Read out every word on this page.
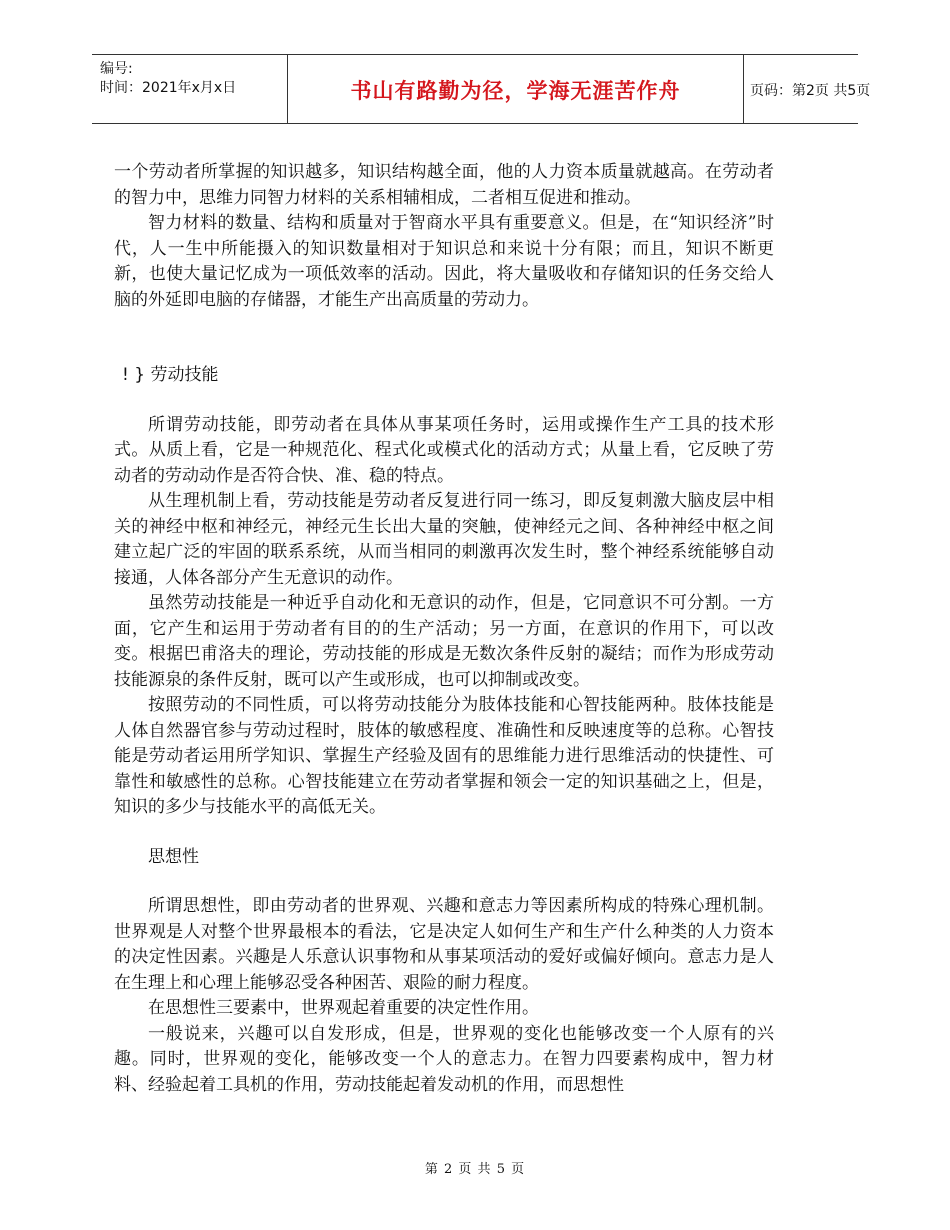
编号:
时间：2021年x月x日	书山有路勤为径，学海无涯苦作舟	页码：第2页 共5页

一个劳动者所掌握的知识越多，知识结构越全面，他的人力资本质量就越高。在劳动者的智力中，思维力同智力材料的关系相辅相成，二者相互促进和推动。

智力材料的数量、结构和质量对于智商水平具有重要意义。但是，在“知识经济”时代，人一生中所能摄入的知识数量相对于知识总和来说十分有限；而且，知识不断更新，也使大量记忆成为一项低效率的活动。因此，将大量吸收和存储知识的任务交给人脑的外延即电脑的存储器，才能生产出高质量的劳动力。

! } 劳动技能

所谓劳动技能，即劳动者在具体从事某项任务时，运用或操作生产工具的技术形式。从质上看，它是一种规范化、程式化或模式化的活动方式；从量上看，它反映了劳动者的劳动动作是否符合快、准、稳的特点。

从生理机制上看，劳动技能是劳动者反复进行同一练习，即反复刺激大脑皮层中相关的神经中枢和神经元，神经元生长出大量的突触，使神经元之间、各种神经中枢之间建立起广泛的牢固的联系系统，从而当相同的刺激再次发生时，整个神经系统能够自动接通，人体各部分产生无意识的动作。

虽然劳动技能是一种近乎自动化和无意识的动作，但是，它同意识不可分割。一方面，它产生和运用于劳动者有目的的生产活动；另一方面，在意识的作用下，可以改变。根据巴甫洛夫的理论，劳动技能的形成是无数次条件反射的凝结；而作为形成劳动技能源泉的条件反射，既可以产生或形成，也可以抑制或改变。

按照劳动的不同性质，可以将劳动技能分为肢体技能和心智技能两种。肢体技能是人体自然器官参与劳动过程时，肢体的敏感程度、准确性和反映速度等的总称。心智技能是劳动者运用所学知识、掌握生产经验及固有的思维能力进行思维活动的快捷性、可靠性和敏感性的总称。心智技能建立在劳动者掌握和领会一定的知识基础之上，但是，知识的多少与技能水平的高低无关。

思想性

所谓思想性，即由劳动者的世界观、兴趣和意志力等因素所构成的特殊心理机制。世界观是人对整个世界最根本的看法，它是决定人如何生产和生产什么种类的人力资本的决定性因素。兴趣是人乐意认识事物和从事某项活动的爱好或偏好倾向。意志力是人在生理上和心理上能够忍受各种困苦、艰险的耐力程度。

在思想性三要素中，世界观起着重要的决定性作用。

一般说来，兴趣可以自发形成，但是，世界观的变化也能够改变一个人原有的兴趣。同时，世界观的变化，能够改变一个人的意志力。在智力四要素构成中，智力材料、经验起着工具机的作用，劳动技能起着发动机的作用，而思想性

第 2 页 共 5 页
